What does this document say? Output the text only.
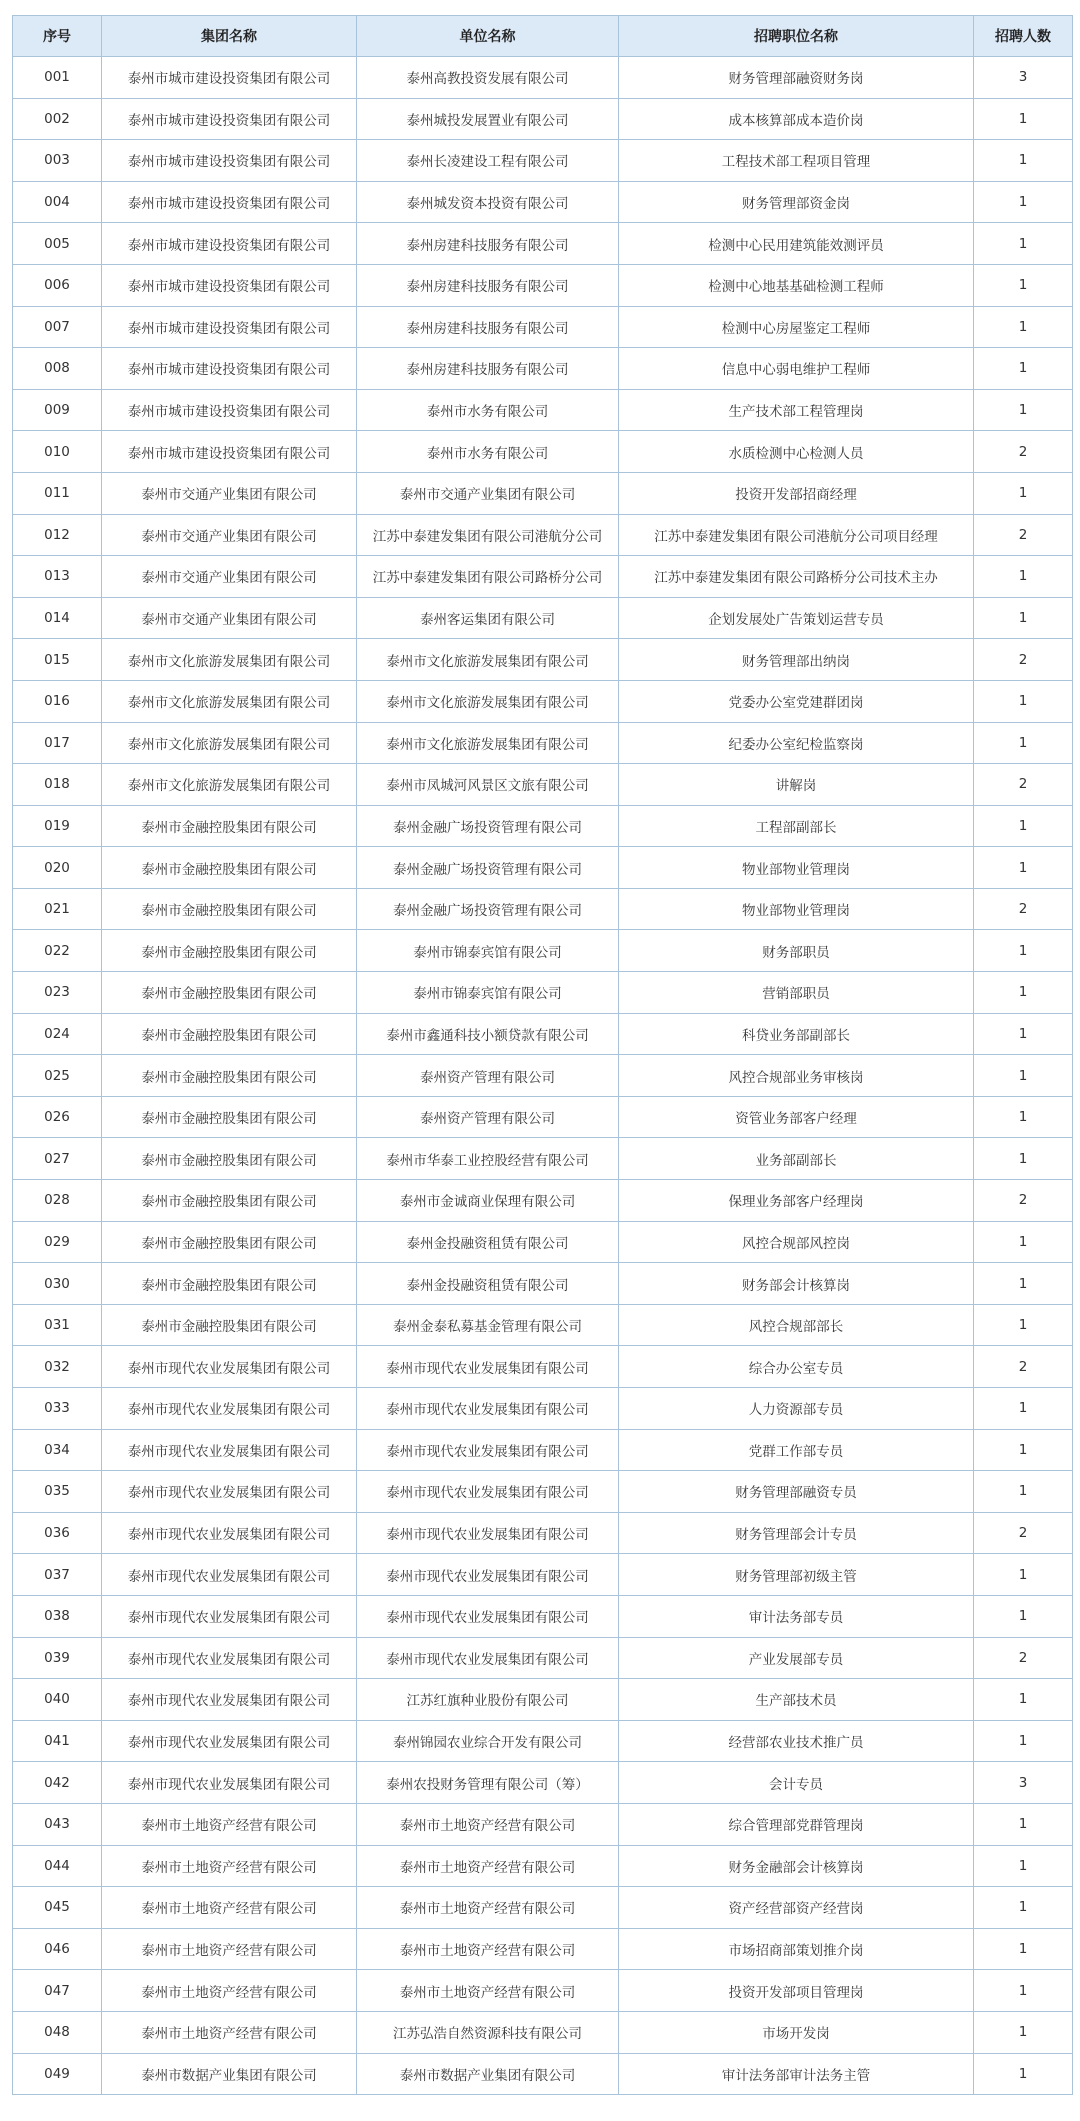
序号	集团名称	单位名称	招聘职位名称	招聘人数
001	泰州市城市建设投资集团有限公司	泰州高教投资发展有限公司	财务管理部融资财务岗	3
002	泰州市城市建设投资集团有限公司	泰州城投发展置业有限公司	成本核算部成本造价岗	1
003	泰州市城市建设投资集团有限公司	泰州长凌建设工程有限公司	工程技术部工程项目管理	1
004	泰州市城市建设投资集团有限公司	泰州城发资本投资有限公司	财务管理部资金岗	1
005	泰州市城市建设投资集团有限公司	泰州房建科技服务有限公司	检测中心民用建筑能效测评员	1
006	泰州市城市建设投资集团有限公司	泰州房建科技服务有限公司	检测中心地基基础检测工程师	1
007	泰州市城市建设投资集团有限公司	泰州房建科技服务有限公司	检测中心房屋鉴定工程师	1
008	泰州市城市建设投资集团有限公司	泰州房建科技服务有限公司	信息中心弱电维护工程师	1
009	泰州市城市建设投资集团有限公司	泰州市水务有限公司	生产技术部工程管理岗	1
010	泰州市城市建设投资集团有限公司	泰州市水务有限公司	水质检测中心检测人员	2
011	泰州市交通产业集团有限公司	泰州市交通产业集团有限公司	投资开发部招商经理	1
012	泰州市交通产业集团有限公司	江苏中泰建发集团有限公司港航分公司	江苏中泰建发集团有限公司港航分公司项目经理	2
013	泰州市交通产业集团有限公司	江苏中泰建发集团有限公司路桥分公司	江苏中泰建发集团有限公司路桥分公司技术主办	1
014	泰州市交通产业集团有限公司	泰州客运集团有限公司	企划发展处广告策划运营专员	1
015	泰州市文化旅游发展集团有限公司	泰州市文化旅游发展集团有限公司	财务管理部出纳岗	2
016	泰州市文化旅游发展集团有限公司	泰州市文化旅游发展集团有限公司	党委办公室党建群团岗	1
017	泰州市文化旅游发展集团有限公司	泰州市文化旅游发展集团有限公司	纪委办公室纪检监察岗	1
018	泰州市文化旅游发展集团有限公司	泰州市凤城河风景区文旅有限公司	讲解岗	2
019	泰州市金融控股集团有限公司	泰州金融广场投资管理有限公司	工程部副部长	1
020	泰州市金融控股集团有限公司	泰州金融广场投资管理有限公司	物业部物业管理岗	1
021	泰州市金融控股集团有限公司	泰州金融广场投资管理有限公司	物业部物业管理岗	2
022	泰州市金融控股集团有限公司	泰州市锦泰宾馆有限公司	财务部职员	1
023	泰州市金融控股集团有限公司	泰州市锦泰宾馆有限公司	营销部职员	1
024	泰州市金融控股集团有限公司	泰州市鑫通科技小额贷款有限公司	科贷业务部副部长	1
025	泰州市金融控股集团有限公司	泰州资产管理有限公司	风控合规部业务审核岗	1
026	泰州市金融控股集团有限公司	泰州资产管理有限公司	资管业务部客户经理	1
027	泰州市金融控股集团有限公司	泰州市华泰工业控股经营有限公司	业务部副部长	1
028	泰州市金融控股集团有限公司	泰州市金诚商业保理有限公司	保理业务部客户经理岗	2
029	泰州市金融控股集团有限公司	泰州金投融资租赁有限公司	风控合规部风控岗	1
030	泰州市金融控股集团有限公司	泰州金投融资租赁有限公司	财务部会计核算岗	1
031	泰州市金融控股集团有限公司	泰州金泰私募基金管理有限公司	风控合规部部长	1
032	泰州市现代农业发展集团有限公司	泰州市现代农业发展集团有限公司	综合办公室专员	2
033	泰州市现代农业发展集团有限公司	泰州市现代农业发展集团有限公司	人力资源部专员	1
034	泰州市现代农业发展集团有限公司	泰州市现代农业发展集团有限公司	党群工作部专员	1
035	泰州市现代农业发展集团有限公司	泰州市现代农业发展集团有限公司	财务管理部融资专员	1
036	泰州市现代农业发展集团有限公司	泰州市现代农业发展集团有限公司	财务管理部会计专员	2
037	泰州市现代农业发展集团有限公司	泰州市现代农业发展集团有限公司	财务管理部初级主管	1
038	泰州市现代农业发展集团有限公司	泰州市现代农业发展集团有限公司	审计法务部专员	1
039	泰州市现代农业发展集团有限公司	泰州市现代农业发展集团有限公司	产业发展部专员	2
040	泰州市现代农业发展集团有限公司	江苏红旗种业股份有限公司	生产部技术员	1
041	泰州市现代农业发展集团有限公司	泰州锦园农业综合开发有限公司	经营部农业技术推广员	1
042	泰州市现代农业发展集团有限公司	泰州农投财务管理有限公司（筹）	会计专员	3
043	泰州市土地资产经营有限公司	泰州市土地资产经营有限公司	综合管理部党群管理岗	1
044	泰州市土地资产经营有限公司	泰州市土地资产经营有限公司	财务金融部会计核算岗	1
045	泰州市土地资产经营有限公司	泰州市土地资产经营有限公司	资产经营部资产经营岗	1
046	泰州市土地资产经营有限公司	泰州市土地资产经营有限公司	市场招商部策划推介岗	1
047	泰州市土地资产经营有限公司	泰州市土地资产经营有限公司	投资开发部项目管理岗	1
048	泰州市土地资产经营有限公司	江苏弘浩自然资源科技有限公司	市场开发岗	1
049	泰州市数据产业集团有限公司	泰州市数据产业集团有限公司	审计法务部审计法务主管	1
